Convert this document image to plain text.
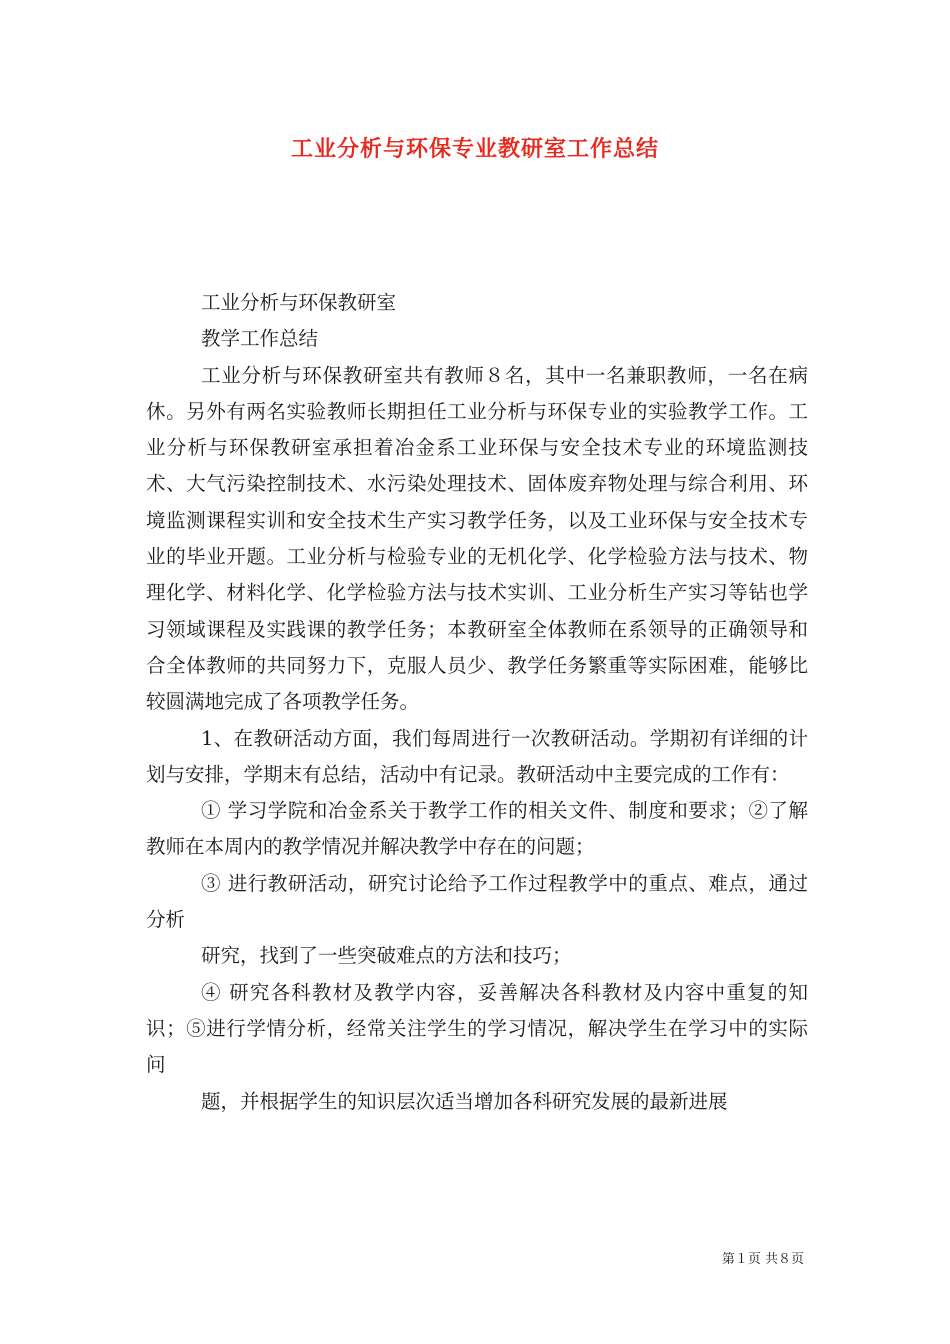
工业分析与环保专业教研室工作总结

工业分析与环保教研室

教学工作总结

工业分析与环保教研室共有教师８名，其中一名兼职教师，一名在病休。另外有两名实验教师长期担任工业分析与环保专业的实验教学工作。工业分析与环保教研室承担着冶金系工业环保与安全技术专业的环境监测技术、大气污染控制技术、水污染处理技术、固体废弃物处理与综合利用、环境监测课程实训和安全技术生产实习教学任务，以及工业环保与安全技术专业的毕业开题。工业分析与检验专业的无机化学、化学检验方法与技术、物理化学、材料化学、化学检验方法与技术实训、工业分析生产实习等钻也学习领域课程及实践课的教学任务；本教研室全体教师在系领导的正确领导和合全体教师的共同努力下，克服人员少、教学任务繁重等实际困难，能够比较圆满地完成了各项教学任务。

1、在教研活动方面，我们每周进行一次教研活动。学期初有详细的计划与安排，学期末有总结，活动中有记录。教研活动中主要完成的工作有：

① 学习学院和冶金系关于教学工作的相关文件、制度和要求；②了解教师在本周内的教学情况并解决教学中存在的问题；

③ 进行教研活动，研究讨论给予工作过程教学中的重点、难点，通过分析

研究，找到了一些突破难点的方法和技巧；

④ 研究各科教材及教学内容，妥善解决各科教材及内容中重复的知识；⑤进行学情分析，经常关注学生的学习情况，解决学生在学习中的实际问

题，并根据学生的知识层次适当增加各科研究发展的最新进展

第１页 共８页
